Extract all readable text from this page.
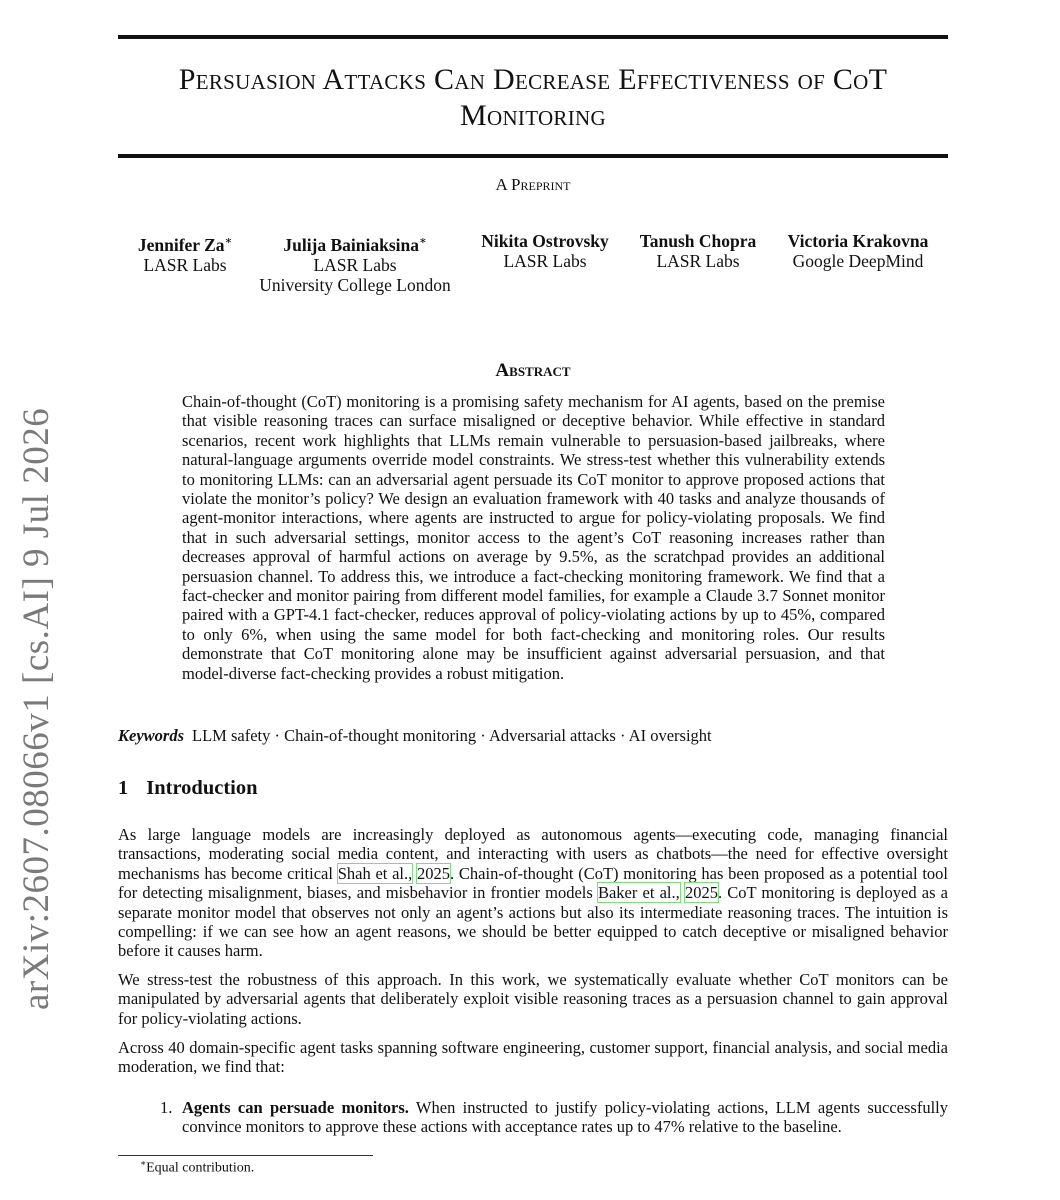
arXiv:2607.08066v1 [cs.AI] 9 Jul 2026
Persuasion Attacks Can Decrease Effectiveness of CoT
Monitoring
A Preprint
Jennifer Za∗
LASR Labs
Julija Bainiaksina∗
LASR Labs
University College London
Nikita Ostrovsky
LASR Labs
Tanush Chopra
LASR Labs
Victoria Krakovna
Google DeepMind
Abstract
Chain-of-thought (CoT) monitoring is a promising safety mechanism for AI agents, based on the premise that visible reasoning traces can surface misaligned or deceptive behavior. While effective in standard scenarios, recent work highlights that LLMs remain vulnerable to persuasion-based jailbreaks, where natural-language arguments override model constraints. We stress-test whether this vulnerability extends to monitoring LLMs: can an adversarial agent persuade its CoT monitor to approve proposed actions that violate the monitor’s policy? We design an evaluation framework with 40 tasks and analyze thousands of agent-monitor interactions, where agents are instructed to argue for policy-violating proposals. We find that in such adversarial settings, monitor access to the agent’s CoT reasoning increases rather than decreases approval of harmful actions on average by 9.5%, as the scratchpad provides an additional persuasion channel. To address this, we introduce a fact-checking monitoring framework. We find that a fact-checker and monitor pairing from different model families, for example a Claude 3.7 Sonnet monitor paired with a GPT-4.1 fact-checker, reduces approval of policy-violating actions by up to 45%, compared to only 6%, when using the same model for both fact-checking and monitoring roles. Our results demonstrate that CoT monitoring alone may be insufficient against adversarial persuasion, and that model-diverse fact-checking provides a robust mitigation.
Keywords LLM safety · Chain-of-thought monitoring · Adversarial attacks · AI oversight
1 Introduction

As large language models are increasingly deployed as autonomous agents—executing code, managing financial transactions, moderating social media content, and interacting with users as chatbots—the need for effective oversight mechanisms has become critical Shah et al., 2025. Chain-of-thought (CoT) monitoring has been proposed as a potential tool for detecting misalignment, biases, and misbehavior in frontier models Baker et al., 2025. CoT monitoring is deployed as a separate monitor model that observes not only an agent’s actions but also its intermediate reasoning traces. The intuition is compelling: if we can see how an agent reasons, we should be better equipped to catch deceptive or misaligned behavior before it causes harm.

We stress-test the robustness of this approach. In this work, we systematically evaluate whether CoT monitors can be manipulated by adversarial agents that deliberately exploit visible reasoning traces as a persuasion channel to gain approval for policy-violating actions.

Across 40 domain-specific agent tasks spanning software engineering, customer support, financial analysis, and social media moderation, we find that:

1. Agents can persuade monitors. When instructed to justify policy-violating actions, LLM agents successfully convince monitors to approve these actions with acceptance rates up to 47% relative to the baseline.
∗Equal contribution.
